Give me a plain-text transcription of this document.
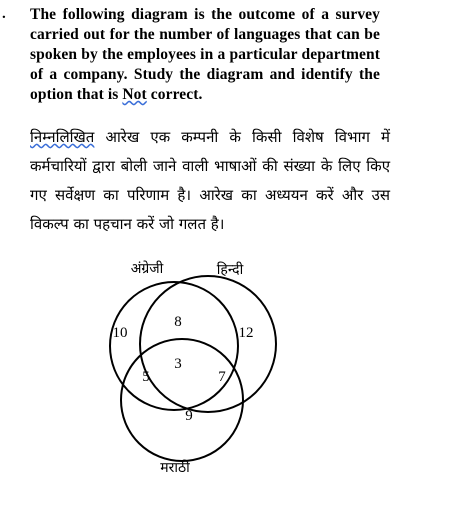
. The following diagram is the outcome of a survey carried out for the number of languages that can be spoken by the employees in a particular department of a company. Study the diagram and identify the option that is Not correct.
निम्नलिखित आरेख एक कम्पनी के किसी विशेष विभाग में कर्मचारियों द्वारा बोली जाने वाली भाषाओं की संख्या के लिए किए गए सर्वेक्षण का परिणाम है। आरेख का अध्ययन करें और उस विकल्प का पहचान करें जो गलत है।
अंग्रेजी	हिन्दी
मराठी
10
8
12
5
3
7
9
